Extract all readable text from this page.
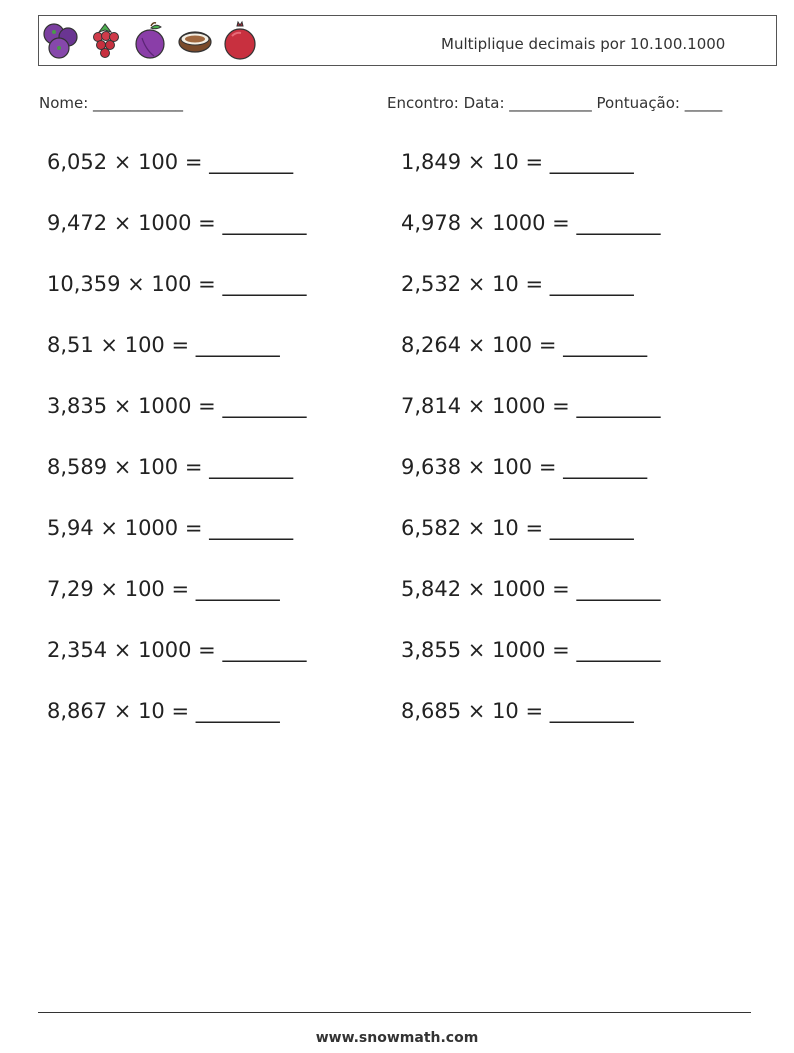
Multiplique decimais por 10.100.1000
Nome: ____________	Encontro: Data: ___________ Pontuação: _____
6,052 × 100 = ________
9,472 × 1000 = ________
10,359 × 100 = ________
8,51 × 100 = ________
3,835 × 1000 = ________
8,589 × 100 = ________
5,94 × 1000 = ________
7,29 × 100 = ________
2,354 × 1000 = ________
8,867 × 10 = ________
1,849 × 10 = ________
4,978 × 1000 = ________
2,532 × 10 = ________
8,264 × 100 = ________
7,814 × 1000 = ________
9,638 × 100 = ________
6,582 × 10 = ________
5,842 × 1000 = ________
3,855 × 1000 = ________
8,685 × 10 = ________
www.snowmath.com
